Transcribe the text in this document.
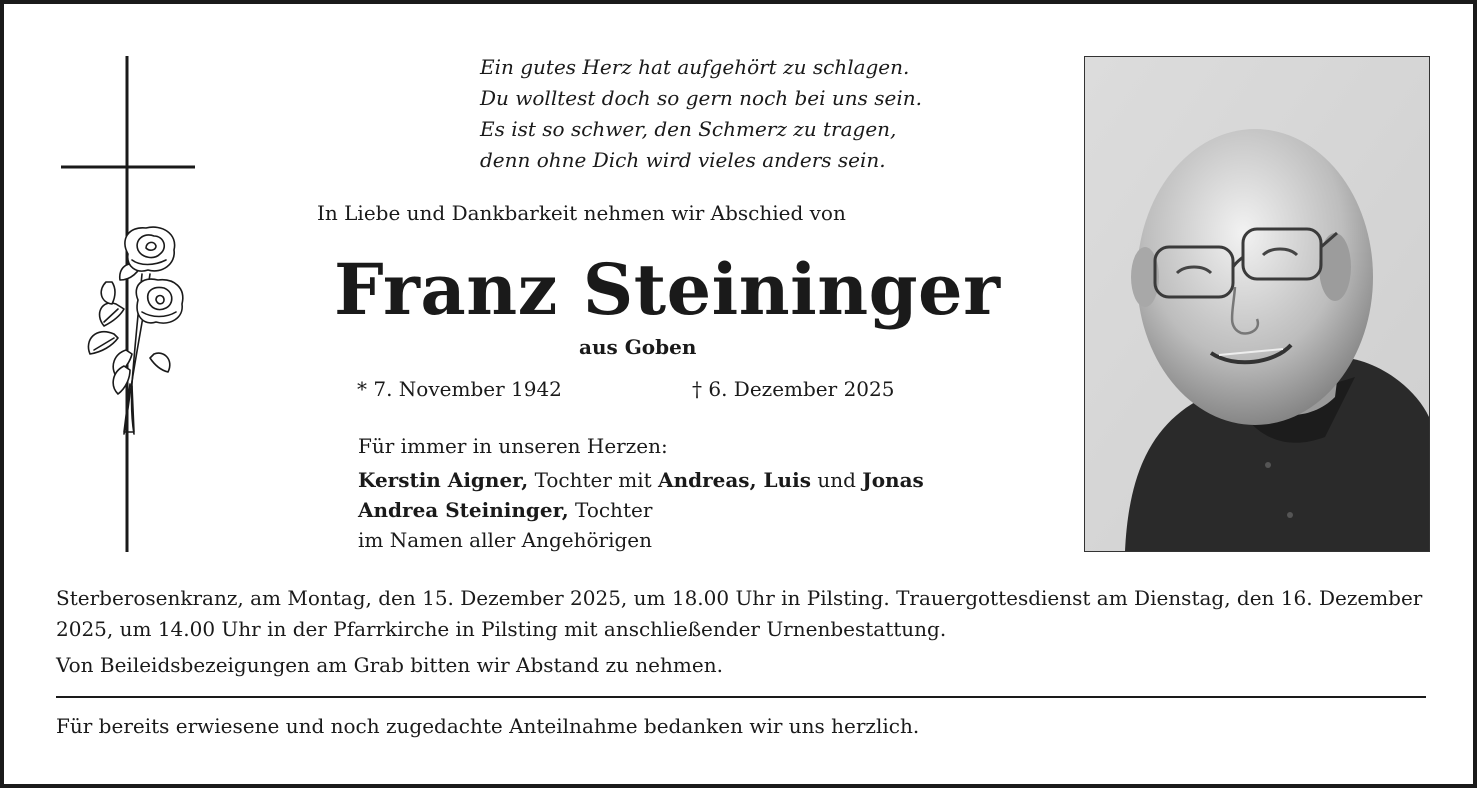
Ein gutes Herz hat aufgehört zu schlagen.
Du wolltest doch so gern noch bei uns sein.
Es ist so schwer, den Schmerz zu tragen,
denn ohne Dich wird vieles anders sein.
In Liebe und Dankbarkeit nehmen wir Abschied von
Franz Steininger
aus Goben
* 7. November 1942	† 6. Dezember 2025
Für immer in unseren Herzen:
Kerstin Aigner, Tochter mit Andreas, Luis und Jonas
Andrea Steininger, Tochter
im Namen aller Angehörigen

Sterberosenkranz, am Montag, den 15. Dezember 2025, um 18.00 Uhr in Pilsting. Trauergottesdienst am Dienstag, den 16. Dezember 2025, um 14.00 Uhr in der Pfarrkirche in Pilsting mit anschließender Urnenbestattung.

Von Beileidsbezeigungen am Grab bitten wir Abstand zu nehmen.

Für bereits erwiesene und noch zugedachte Anteilnahme bedanken wir uns herzlich.
